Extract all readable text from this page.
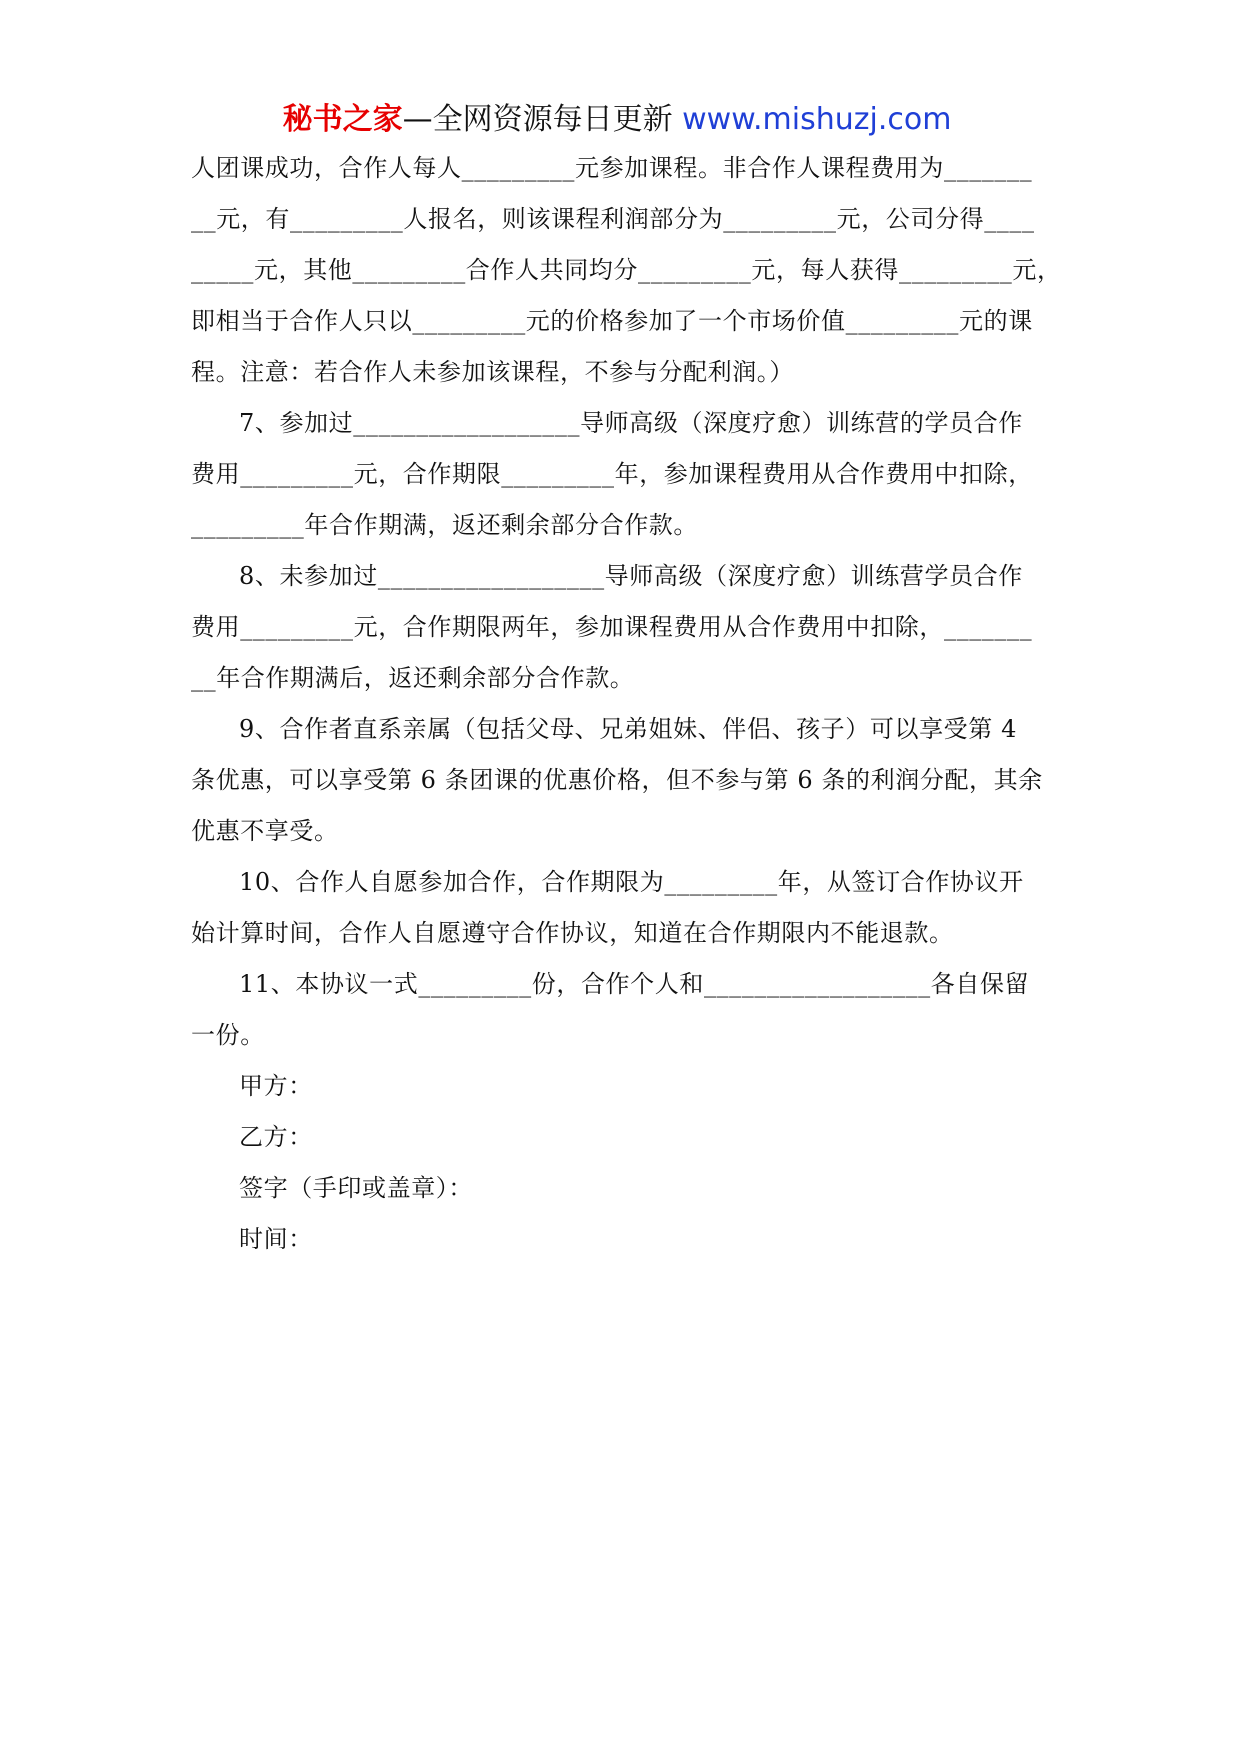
秘书之家—全网资源每日更新 www.mishuzj.com
人团课成功，合作人每人_________元参加课程。非合作人课程费用为_______
__元，有_________人报名，则该课程利润部分为_________元，公司分得____
_____元，其他_________合作人共同均分_________元，每人获得_________元，
即相当于合作人只以_________元的价格参加了一个市场价值_________元的课
程。注意：若合作人未参加该课程，不参与分配利润。）
7、参加过__________________导师高级（深度疗愈）训练营的学员合作
费用_________元，合作期限_________年，参加课程费用从合作费用中扣除，
_________年合作期满，返还剩余部分合作款。
8、未参加过__________________导师高级（深度疗愈）训练营学员合作
费用_________元，合作期限两年，参加课程费用从合作费用中扣除，_______
__年合作期满后，返还剩余部分合作款。
9、合作者直系亲属（包括父母、兄弟姐妹、伴侣、孩子）可以享受第 4
条优惠，可以享受第 6 条团课的优惠价格，但不参与第 6 条的利润分配，其余
优惠不享受。
10、合作人自愿参加合作，合作期限为_________年，从签订合作协议开
始计算时间，合作人自愿遵守合作协议，知道在合作期限内不能退款。
11、本协议一式_________份，合作个人和__________________各自保留
一份。
甲方：
乙方：
签字（手印或盖章）：
时间：
